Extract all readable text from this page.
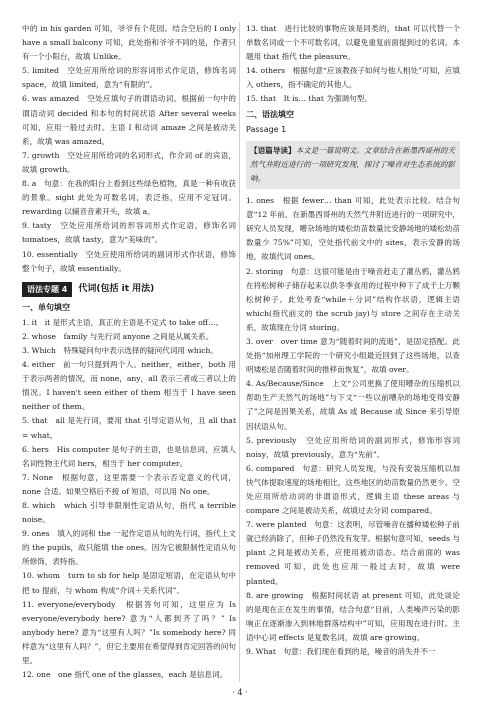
中的 in his garden 可知，爷爷有个花园。结合空后的 I only have a small balcony 可知，此处指和爷爷不同的是，作者只有一个小阳台，故填 Unlike。

5. limited　空处应用所给词的形容词形式作定语，修饰名词 space，故填 limited，意为“有限的”。

6. was amazed　空处应填句子的谓语动词。根据前一句中的谓语动词 decided 和本句的时间状语 After several weeks 可知，应用一般过去时。主语 I 和动词 amaze 之间是被动关系，故填 was amazed。

7. growth　空处应用所给词的名词形式，作介词 of 的宾语，故填 growth。

8. a　句意：在我的阳台上看到这些绿色植物，真是一种有收获的景象。sight 此处为可数名词，表泛指，应用不定冠词。rewarding 以辅音音素开头，故填 a。

9. tasty　空处应用所给词的形容词形式作定语，修饰名词 tomatoes，故填 tasty，意为“美味的”。

10. essentially　空处应使用所给词的副词形式作状语，修饰整个句子，故填 essentially。

语法专题 4	代词(包括 it 用法)
一、单句填空

1. it　it 是形式主语，真正的主语是不定式 to take off…。

2. whose　family 与先行词 anyone 之间是从属关系。

3. Which　特殊疑问句中表示选择的疑问代词用 which。

4. either　前一句只提到两个人。neither，either，both 用于表示两者的情况，而 none，any，all 表示三者或三者以上的情况。I haven't seen either of them 相当于 I have seen neither of them。

5. that　all 是先行词，要用 that 引导定语从句，且 all that = what。

6. hers　His computer 是句子的主语，也是信息词，应填人名词性物主代词 hers，相当于 her computer。

7. None　根据句意，这里需要一个表示否定意义的代词，none 合适。如果空格后不接 of 短语，可以用 No one。

8. which　which 引导非限制性定语从句，指代 a terrible noise。

9. ones　填入的词和 the 一起作定语从句的先行词，指代上文的 the pupils，故只能填 the ones。因为它被限制性定语从句所修饰，表特指。

10. whom　turn to sb for help 是固定短语，在定语从句中把 to 提前，与 whom 构成“介词＋关系代词”。

11. everyone/everybody　根据答句可知，这里应为 Is everyone/everybody here? 意为“人都到齐了吗？” Is anybody here? 意为“这里有人吗？”Is somebody here? 同样意为“这里有人吗？”，但它主要用在希望得到肯定回答的问句里。

12. one　one 指代 one of the glasses，each 是信息词。

13. that　进行比较的事物应该是同类的，that 可以代替一个单数名词或一个不可数名词，以避免重复前面提到过的名词。本题用 that 指代 the pleasure。

14. others　根据句意“应该教孩子如何与他人相处”可知，应填入 others，指不确定的其他人。

15. that　It is… that 为强调句型。

二、语法填空
Passage 1
【语篇导读】本文是一篇说明文。文章结合在新墨西哥州的天然气井附近进行的一项研究发现，探讨了噪音对生态系统的影响。

1. ones　根据 fewer… than 可知，此处表示比较。结合句意“12 年前，在新墨西哥州的天然气井附近进行的一项研究中，研究人员发现，嘈杂场地的矮松幼苗数量比安静场地的矮松幼苗数量少 75%”可知，空处指代前文中的 sites，表示安静的场地，故填代词 ones。

2. storing　句意：这很可能是由于噪音赶走了灌丛鸦，灌丛鸦在将松树种子储存起来以供冬季食用的过程中种下了成千上万颗松树种子。此处考查“while＋分词”结构作状语，逻辑主语 which(指代前文的 the scrub jay)与 store 之间存在主动关系，故填现在分词 storing。

3. over　over time 意为“随着时间的流逝”，是固定搭配。此处指“加州理工学院的一个研究小组最近回到了这些场地，以查明矮松是否随着时间的推移而恢复”，故填 over。

4. As/Because/Since　上文“公司更换了使用嘈杂的压缩机以帮助生产天然气的场地”与下文“一些以前嘈杂的场地变得安静了”之间是因果关系，故填 As 或 Because 或 Since 来引导原因状语从句。

5. previously　空处应用所给词的副词形式，修饰形容词 noisy，故填 previously，意为“先前”。

6. compared　句意：研究人员发现，与没有安装压缩机以加快气体提取速度的场地相比，这些地区的幼苗数量仍然更少。空处应用所给动词的非谓语形式，逻辑主语 these areas 与 compare 之间是被动关系，故填过去分词 compared。

7. were planted　句意：这表明，尽管噪音在播种矮松种子前就已经消除了，但种子仍然没有发芽。根据句意可知，seeds 与 plant 之间是被动关系，应使用被动语态。结合前面的 was removed 可知，此处也应用一般过去时，故填 were planted。

8. are growing　根据时间状语 at present 可知，此处谈论的是现在正在发生的事情，结合句意“目前，人类噪声污染的影响正在逐渐渗入到林地群落结构中”可知，应用现在进行时。主语中心词 effects 是复数名词，故填 are growing。

9. What　句意：我们现在看到的是，噪音的消失并不一

· 4 ·
